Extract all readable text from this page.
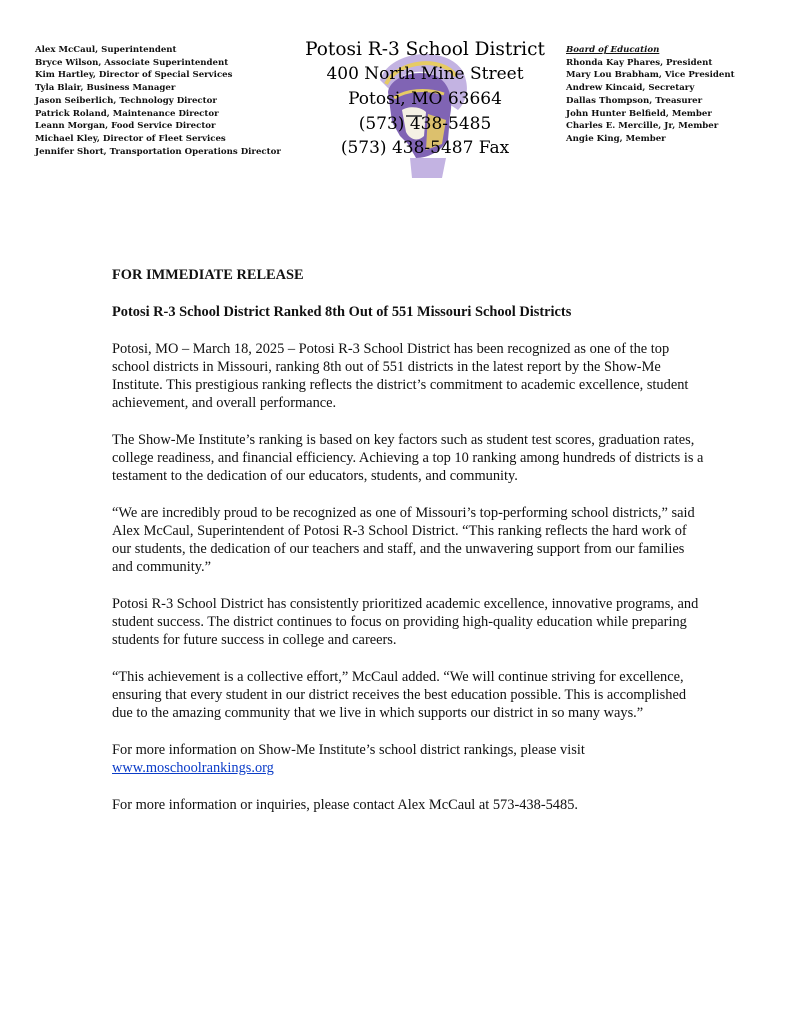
Alex McCaul, Superintendent
Bryce Wilson, Associate Superintendent
Kim Hartley, Director of Special Services
Tyla Blair, Business Manager
Jason Seiberlich, Technology Director
Patrick Roland, Maintenance Director
Leann Morgan, Food Service Director
Michael Kley, Director of Fleet Services
Jennifer Short, Transportation Operations Director
Potosi R-3 School District
400 North Mine Street
Potosi, MO 63664
(573) 438-5485
(573) 438-5487 Fax
Board of Education
Rhonda Kay Phares, President
Mary Lou Brabham, Vice President
Andrew Kincaid, Secretary
Dallas Thompson, Treasurer
John Hunter Belfield, Member
Charles E. Mercille, Jr, Member
Angie King, Member

FOR IMMEDIATE RELEASE

Potosi R-3 School District Ranked 8th Out of 551 Missouri School Districts

Potosi, MO – March 18, 2025 – Potosi R-3 School District has been recognized as one of the top school districts in Missouri, ranking 8th out of 551 districts in the latest report by the Show-Me Institute. This prestigious ranking reflects the district’s commitment to academic excellence, student achievement, and overall performance.

The Show-Me Institute’s ranking is based on key factors such as student test scores, graduation rates, college readiness, and financial efficiency. Achieving a top 10 ranking among hundreds of districts is a testament to the dedication of our educators, students, and community.

“We are incredibly proud to be recognized as one of Missouri’s top-performing school districts,” said Alex McCaul, Superintendent of Potosi R-3 School District. “This ranking reflects the hard work of our students, the dedication of our teachers and staff, and the unwavering support from our families and community.”

Potosi R-3 School District has consistently prioritized academic excellence, innovative programs, and student success. The district continues to focus on providing high-quality education while preparing students for future success in college and careers.

“This achievement is a collective effort,” McCaul added. “We will continue striving for excellence, ensuring that every student in our district receives the best education possible. This is accomplished due to the amazing community that we live in which supports our district in so many ways.”

For more information on Show-Me Institute’s school district rankings, please visit
www.moschoolrankings.org

For more information or inquiries, please contact Alex McCaul at 573-438-5485.
